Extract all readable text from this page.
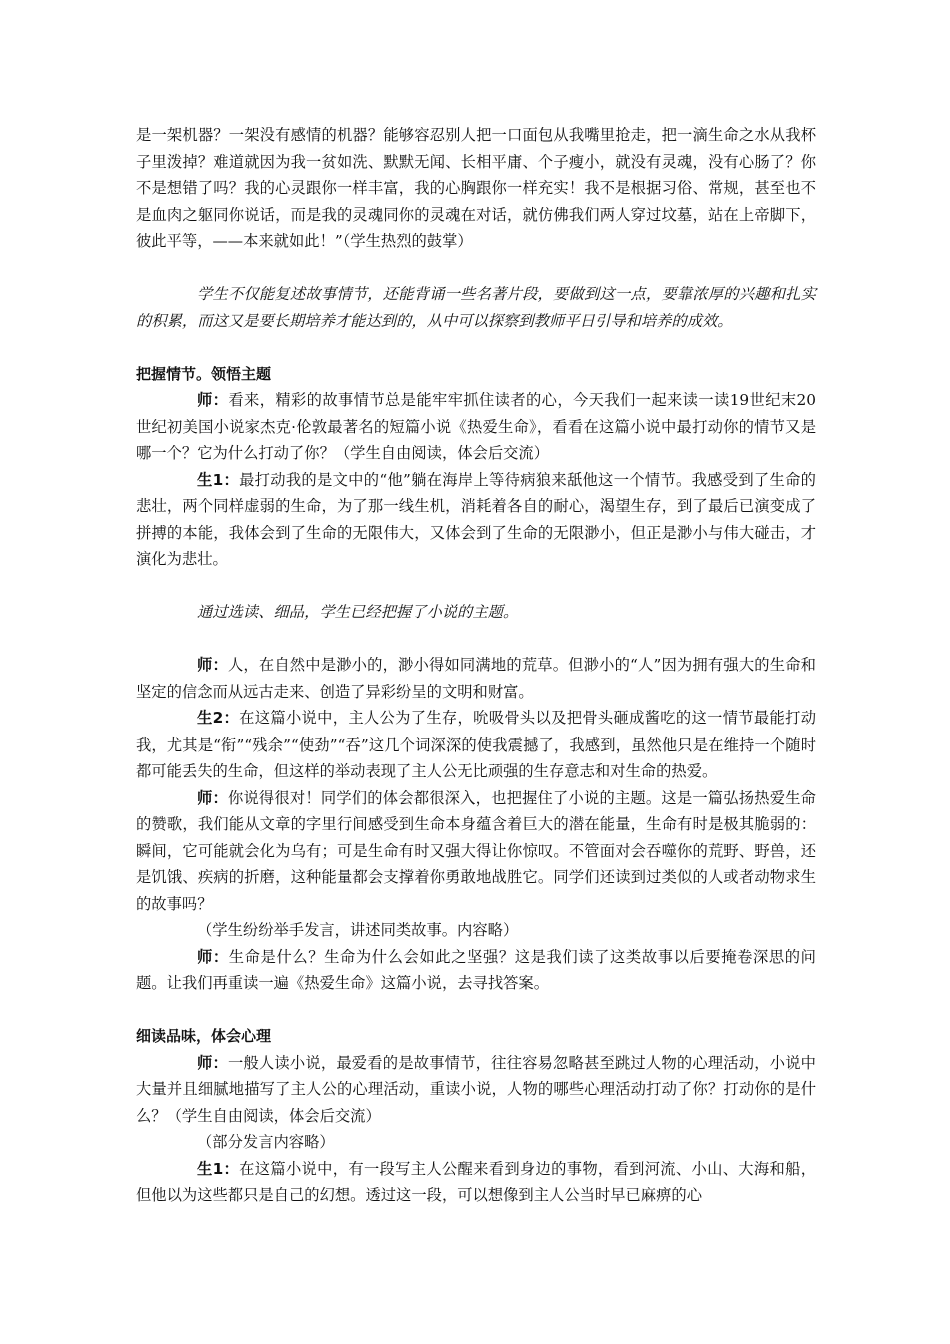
是一架机器？一架没有感情的机器？能够容忍别人把一口面包从我嘴里抢走，把一滴生命之水从我杯子里泼掉？难道就因为我一贫如洗、默默无闻、长相平庸、个子瘦小，就没有灵魂，没有心肠了？你不是想错了吗？我的心灵跟你一样丰富，我的心胸跟你一样充实！我不是根据习俗、常规，甚至也不是血肉之躯同你说话，而是我的灵魂同你的灵魂在对话，就仿佛我们两人穿过坟墓，站在上帝脚下，彼此平等，——本来就如此！”（学生热烈的鼓掌）

学生不仅能复述故事情节，还能背诵一些名著片段，要做到这一点，要靠浓厚的兴趣和扎实的积累，而这又是要长期培养才能达到的，从中可以探察到教师平日引导和培养的成效。

把握情节。领悟主题

师：看来，精彩的故事情节总是能牢牢抓住读者的心，今天我们一起来读一读19世纪末20世纪初美国小说家杰克·伦敦最著名的短篇小说《热爱生命》，看看在这篇小说中最打动你的情节又是哪一个？它为什么打动了你？（学生自由阅读，体会后交流）

生1：最打动我的是文中的“他”躺在海岸上等待病狼来舐他这一个情节。我感受到了生命的悲壮，两个同样虚弱的生命，为了那一线生机，消耗着各自的耐心，渴望生存，到了最后已演变成了拼搏的本能，我体会到了生命的无限伟大，又体会到了生命的无限渺小，但正是渺小与伟大碰击，才演化为悲壮。

通过选读、细品，学生已经把握了小说的主题。

师：人，在自然中是渺小的，渺小得如同满地的荒草。但渺小的“人”因为拥有强大的生命和坚定的信念而从远古走来、创造了异彩纷呈的文明和财富。

生2：在这篇小说中，主人公为了生存，吮吸骨头以及把骨头砸成酱吃的这一情节最能打动我，尤其是“衔”“残余”“使劲”“吞”这几个词深深的使我震撼了，我感到，虽然他只是在维持一个随时都可能丢失的生命，但这样的举动表现了主人公无比顽强的生存意志和对生命的热爱。

师：你说得很对！同学们的体会都很深入，也把握住了小说的主题。这是一篇弘扬热爱生命的赞歌，我们能从文章的字里行间感受到生命本身蕴含着巨大的潜在能量，生命有时是极其脆弱的：瞬间，它可能就会化为乌有；可是生命有时又强大得让你惊叹。不管面对会吞噬你的荒野、野兽，还是饥饿、疾病的折磨，这种能量都会支撑着你勇敢地战胜它。同学们还读到过类似的人或者动物求生的故事吗？

（学生纷纷举手发言，讲述同类故事。内容略）

师：生命是什么？生命为什么会如此之坚强？这是我们读了这类故事以后要掩卷深思的问题。让我们再重读一遍《热爱生命》这篇小说，去寻找答案。

细读品味，体会心理

师：一般人读小说，最爱看的是故事情节，往往容易忽略甚至跳过人物的心理活动，小说中大量并且细腻地描写了主人公的心理活动，重读小说，人物的哪些心理活动打动了你？打动你的是什么？（学生自由阅读，体会后交流）

（部分发言内容略）

生1：在这篇小说中，有一段写主人公醒来看到身边的事物，看到河流、小山、大海和船，但他以为这些都只是自己的幻想。透过这一段，可以想像到主人公当时早已麻痹的心
